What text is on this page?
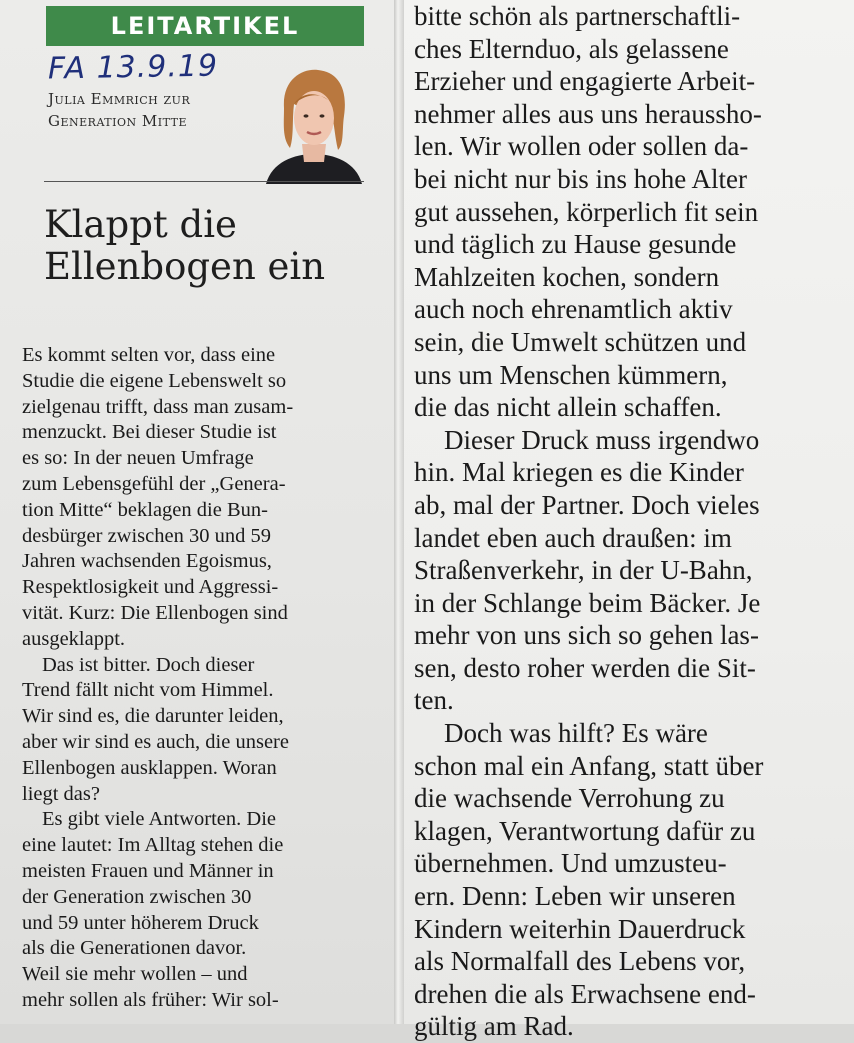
LEITARTIKEL
FA 13.9.19
Julia Emmrich zur
Generation Mitte
Klappt die
Ellenbogen ein
Es kommt selten vor, dass eine
Studie die eigene Lebenswelt so
zielgenau trifft, dass man zusam-
menzuckt. Bei dieser Studie ist
es so: In der neuen Umfrage
zum Lebensgefühl der „Genera-
tion Mitte“ beklagen die Bun-
desbürger zwischen 30 und 59
Jahren wachsenden Egoismus,
Respektlosigkeit und Aggressi-
vität. Kurz: Die Ellenbogen sind
ausgeklappt.
Das ist bitter. Doch dieser
Trend fällt nicht vom Himmel.
Wir sind es, die darunter leiden,
aber wir sind es auch, die unsere
Ellenbogen ausklappen. Woran
liegt das?
Es gibt viele Antworten. Die
eine lautet: Im Alltag stehen die
meisten Frauen und Männer in
der Generation zwischen 30
und 59 unter höherem Druck
als die Generationen davor.
Weil sie mehr wollen – und
mehr sollen als früher: Wir sol-
bitte schön als partnerschaftli-
ches Elternduo, als gelassene
Erzieher und engagierte Arbeit-
nehmer alles aus uns heraussho-
len. Wir wollen oder sollen da-
bei nicht nur bis ins hohe Alter
gut aussehen, körperlich fit sein
und täglich zu Hause gesunde
Mahlzeiten kochen, sondern
auch noch ehrenamtlich aktiv
sein, die Umwelt schützen und
uns um Menschen kümmern,
die das nicht allein schaffen.
Dieser Druck muss irgendwo
hin. Mal kriegen es die Kinder
ab, mal der Partner. Doch vieles
landet eben auch draußen: im
Straßenverkehr, in der U-Bahn,
in der Schlange beim Bäcker. Je
mehr von uns sich so gehen las-
sen, desto roher werden die Sit-
ten.
Doch was hilft? Es wäre
schon mal ein Anfang, statt über
die wachsende Verrohung zu
klagen, Verantwortung dafür zu
übernehmen. Und umzusteu-
ern. Denn: Leben wir unseren
Kindern weiterhin Dauerdruck
als Normalfall des Lebens vor,
drehen die als Erwachsene end-
gültig am Rad.
